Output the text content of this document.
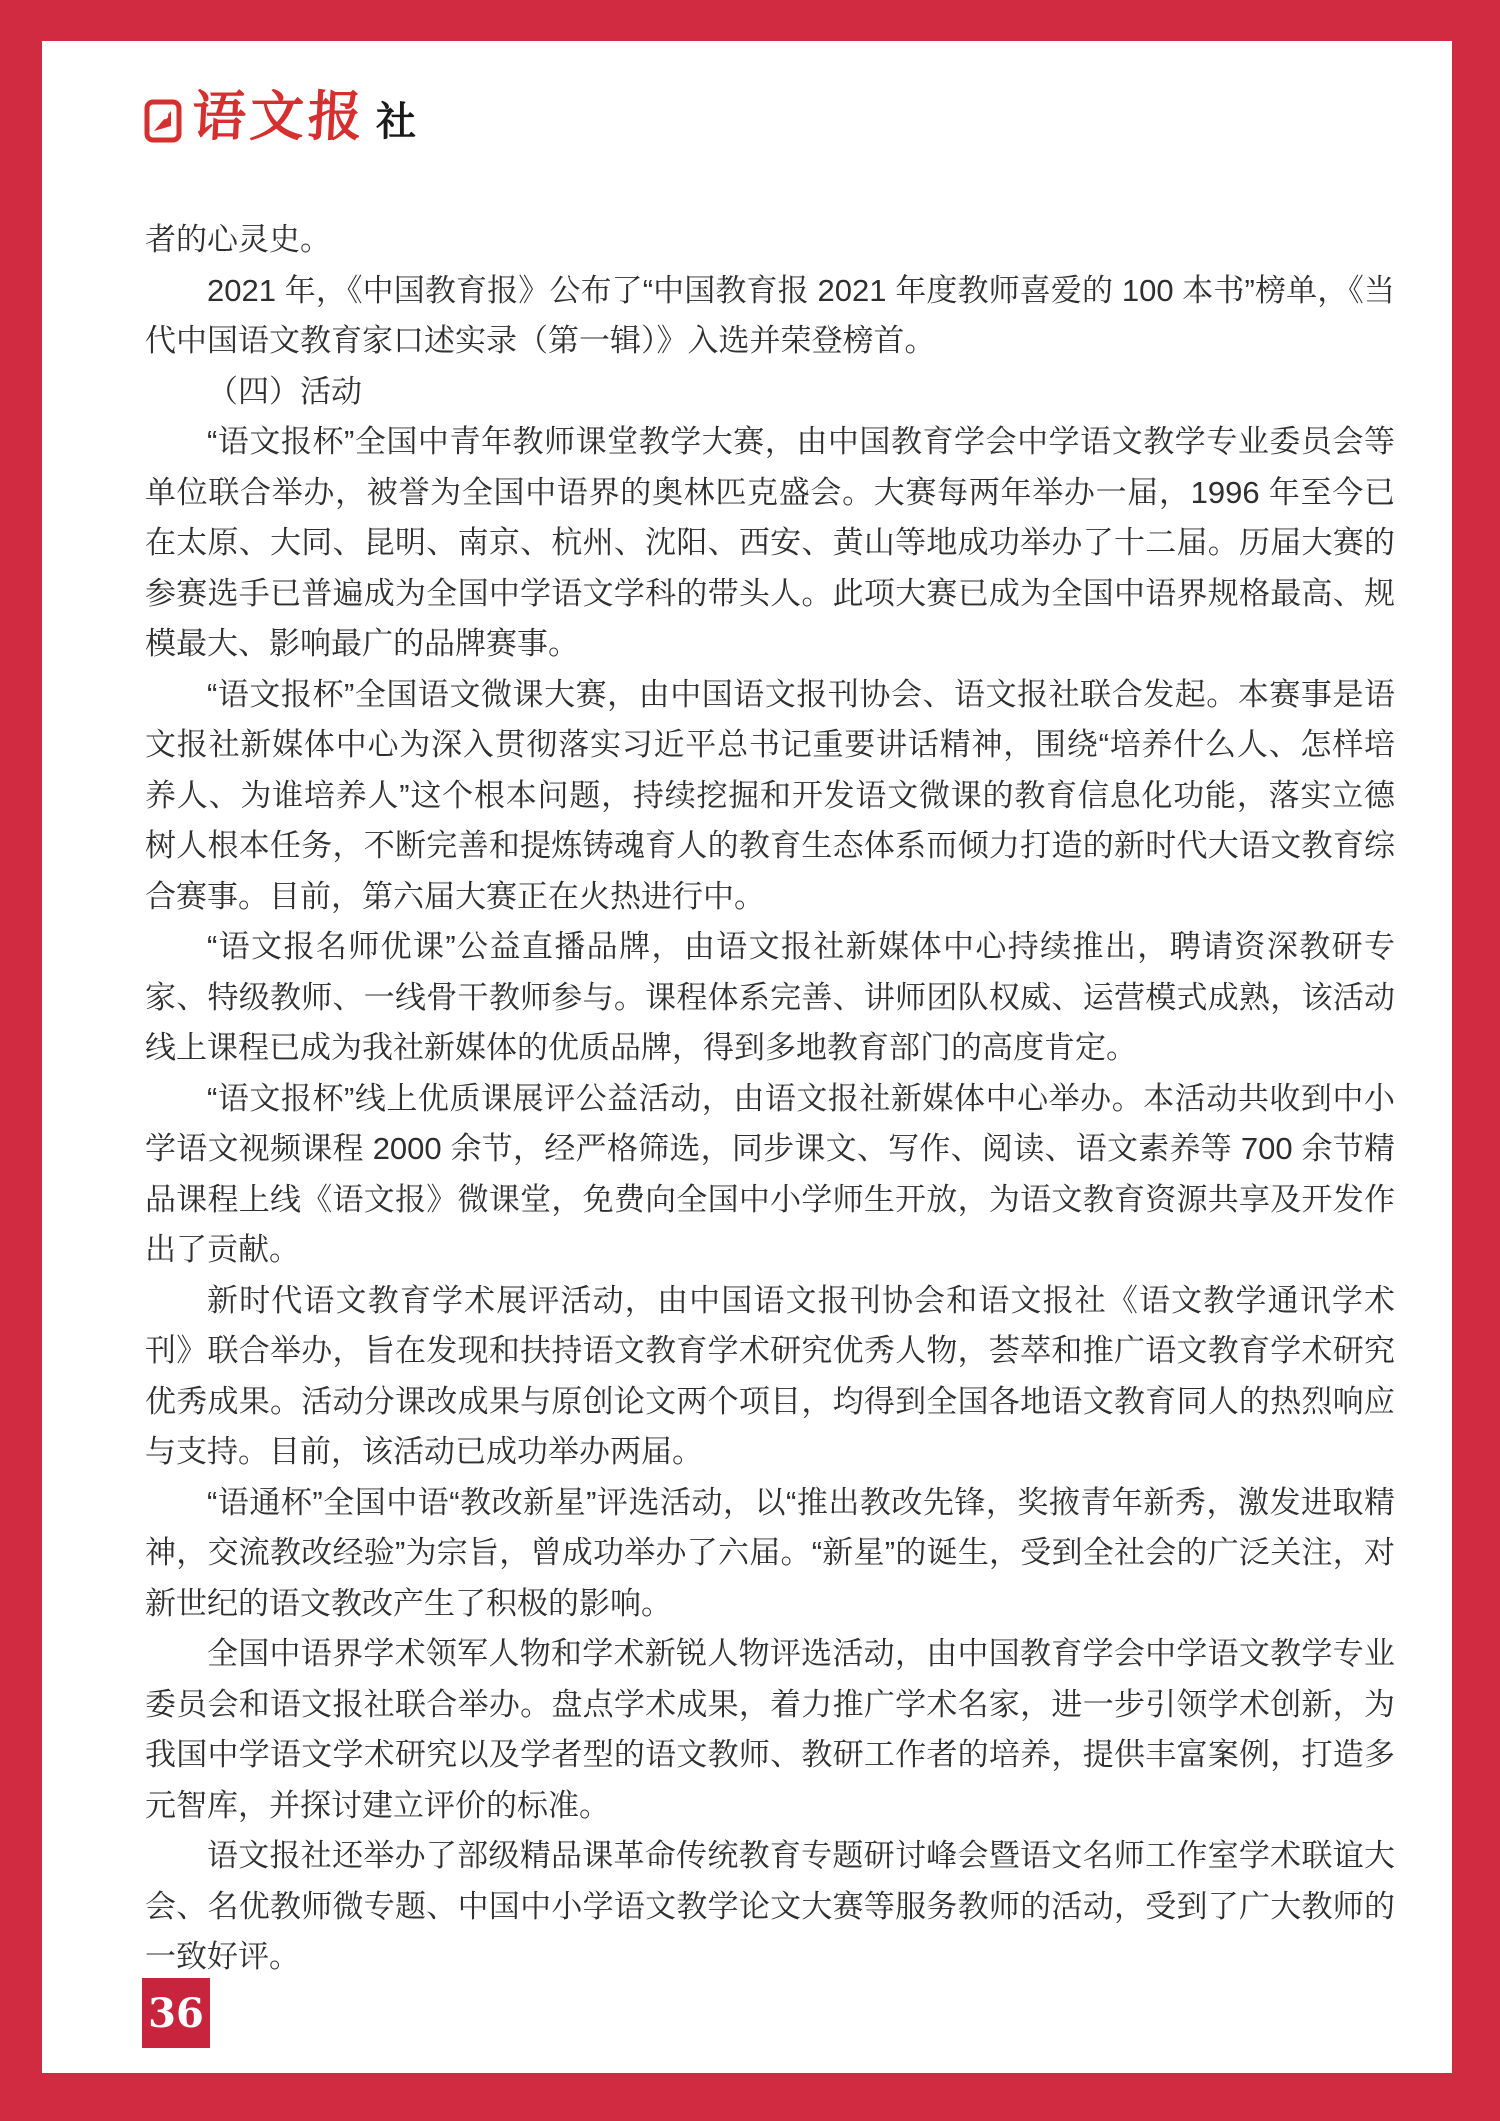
语文报 社

者的心灵史。

2021 年，《中国教育报》公布了“中国教育报 2021 年度教师喜爱的 100 本书”榜单，《当代中国语文教育家口述实录（第一辑）》入选并荣登榜首。

（四）活动

“语文报杯”全国中青年教师课堂教学大赛，由中国教育学会中学语文教学专业委员会等单位联合举办，被誉为全国中语界的奥林匹克盛会。大赛每两年举办一届，1996 年至今已在太原、大同、昆明、南京、杭州、沈阳、西安、黄山等地成功举办了十二届。历届大赛的参赛选手已普遍成为全国中学语文学科的带头人。此项大赛已成为全国中语界规格最高、规模最大、影响最广的品牌赛事。

“语文报杯”全国语文微课大赛，由中国语文报刊协会、语文报社联合发起。本赛事是语文报社新媒体中心为深入贯彻落实习近平总书记重要讲话精神，围绕“培养什么人、怎样培养人、为谁培养人”这个根本问题，持续挖掘和开发语文微课的教育信息化功能，落实立德树人根本任务，不断完善和提炼铸魂育人的教育生态体系而倾力打造的新时代大语文教育综合赛事。目前，第六届大赛正在火热进行中。

“语文报名师优课”公益直播品牌，由语文报社新媒体中心持续推出，聘请资深教研专家、特级教师、一线骨干教师参与。课程体系完善、讲师团队权威、运营模式成熟，该活动线上课程已成为我社新媒体的优质品牌，得到多地教育部门的高度肯定。

“语文报杯”线上优质课展评公益活动，由语文报社新媒体中心举办。本活动共收到中小学语文视频课程 2000 余节，经严格筛选，同步课文、写作、阅读、语文素养等 700 余节精品课程上线《语文报》微课堂，免费向全国中小学师生开放，为语文教育资源共享及开发作出了贡献。

新时代语文教育学术展评活动，由中国语文报刊协会和语文报社《语文教学通讯学术刊》联合举办，旨在发现和扶持语文教育学术研究优秀人物，荟萃和推广语文教育学术研究优秀成果。活动分课改成果与原创论文两个项目，均得到全国各地语文教育同人的热烈响应与支持。目前，该活动已成功举办两届。

“语通杯”全国中语“教改新星”评选活动，以“推出教改先锋，奖掖青年新秀，激发进取精神，交流教改经验”为宗旨，曾成功举办了六届。“新星”的诞生，受到全社会的广泛关注，对新世纪的语文教改产生了积极的影响。

全国中语界学术领军人物和学术新锐人物评选活动，由中国教育学会中学语文教学专业委员会和语文报社联合举办。盘点学术成果，着力推广学术名家，进一步引领学术创新，为我国中学语文学术研究以及学者型的语文教师、教研工作者的培养，提供丰富案例，打造多元智库，并探讨建立评价的标准。

语文报社还举办了部级精品课革命传统教育专题研讨峰会暨语文名师工作室学术联谊大会、名优教师微专题、中国中小学语文教学论文大赛等服务教师的活动，受到了广大教师的一致好评。

36
